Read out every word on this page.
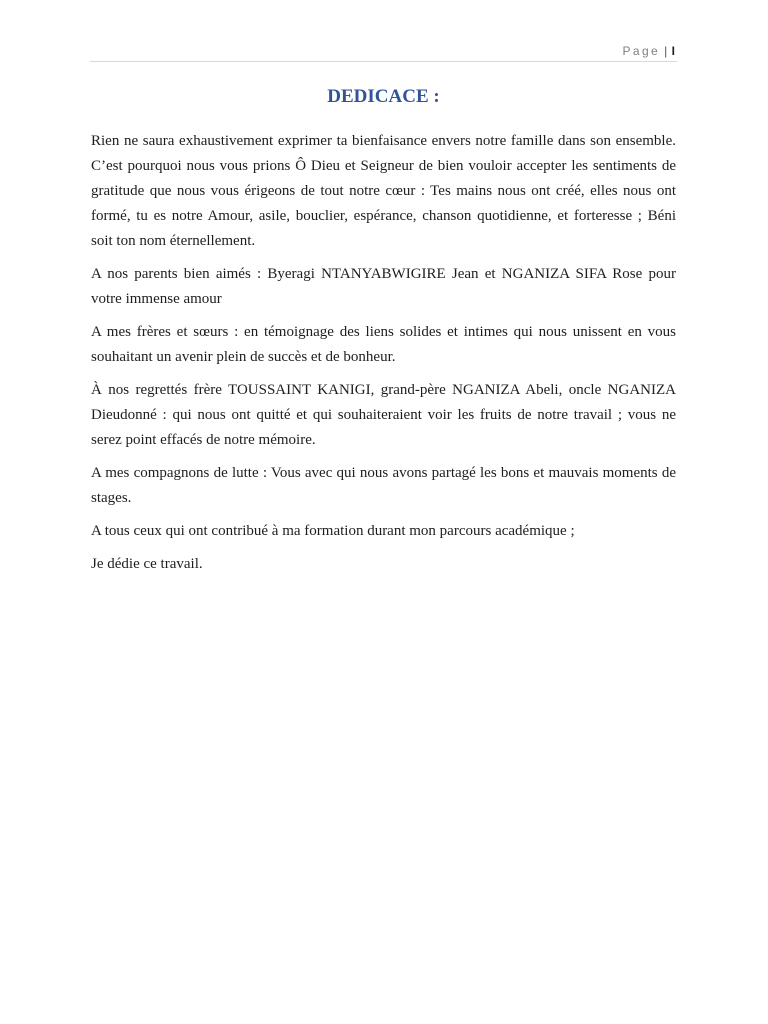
Page | I
DEDICACE :

Rien ne saura exhaustivement exprimer ta bienfaisance envers notre famille dans son ensemble. C’est pourquoi nous vous prions Ô Dieu et Seigneur de bien vouloir accepter les sentiments de gratitude que nous vous érigeons de tout notre cœur : Tes mains nous ont créé, elles nous ont formé, tu es notre Amour, asile, bouclier, espérance, chanson quotidienne, et forteresse ; Béni soit ton nom éternellement.

A nos parents bien aimés : Byeragi NTANYABWIGIRE Jean et NGANIZA SIFA Rose pour votre immense amour

A mes frères et sœurs : en témoignage des liens solides et intimes qui nous unissent en vous souhaitant un avenir plein de succès et de bonheur.

À nos regrettés frère TOUSSAINT KANIGI, grand-père NGANIZA Abeli, oncle NGANIZA Dieudonné : qui nous ont quitté et qui souhaiteraient voir les fruits de notre travail ; vous ne serez point effacés de notre mémoire.

A mes compagnons de lutte : Vous avec qui nous avons partagé les bons et mauvais moments de stages.

A tous ceux qui ont contribué à ma formation durant mon parcours académique ;

Je dédie ce travail.
